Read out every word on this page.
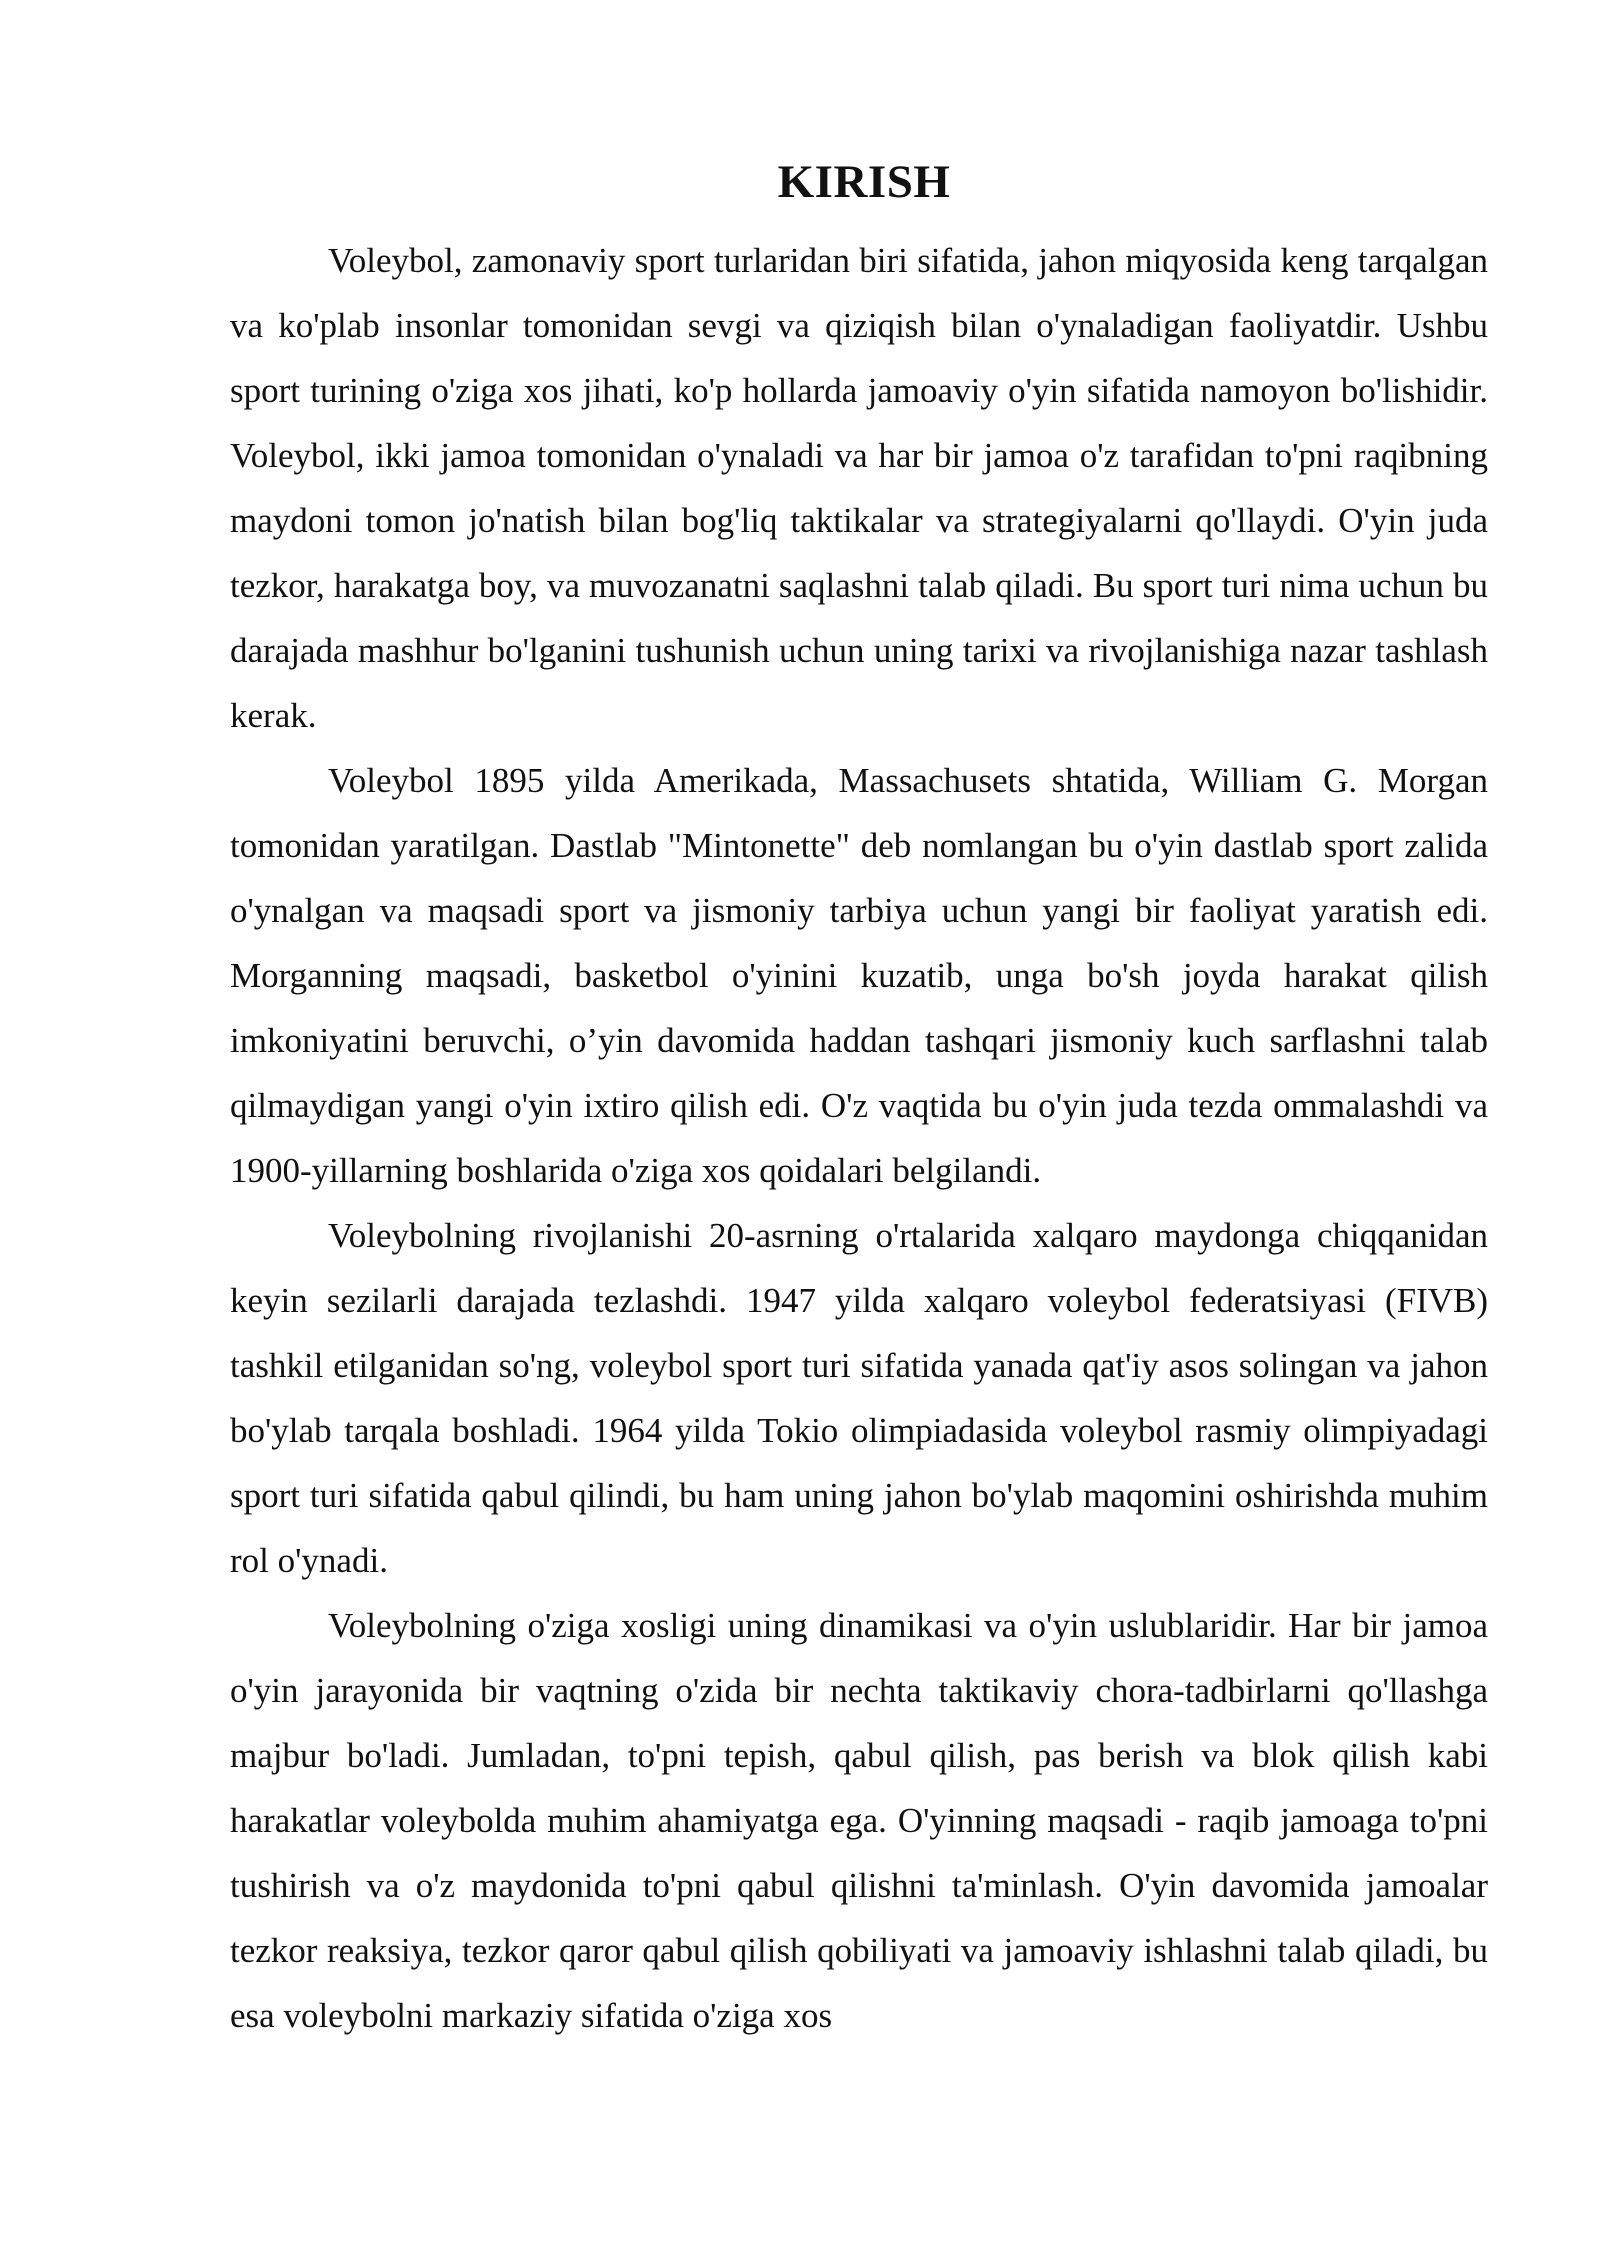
KIRISH

Voleybol, zamonaviy sport turlaridan biri sifatida, jahon miqyosida keng tarqalgan va ko'plab insonlar tomonidan sevgi va qiziqish bilan o'ynaladigan faoliyatdir. Ushbu sport turining o'ziga xos jihati, ko'p hollarda jamoaviy o'yin sifatida namoyon bo'lishidir. Voleybol, ikki jamoa tomonidan o'ynaladi va har bir jamoa o'z tarafidan to'pni raqibning maydoni tomon jo'natish bilan bog'liq taktikalar va strategiyalarni qo'llaydi. O'yin juda tezkor, harakatga boy, va muvozanatni saqlashni talab qiladi. Bu sport turi nima uchun bu darajada mashhur bo'lganini tushunish uchun uning tarixi va rivojlanishiga nazar tashlash kerak.

Voleybol 1895 yilda Amerikada, Massachusets shtatida, William G. Morgan tomonidan yaratilgan. Dastlab "Mintonette" deb nomlangan bu o'yin dastlab sport zalida o'ynalgan va maqsadi sport va jismoniy tarbiya uchun yangi bir faoliyat yaratish edi. Morganning maqsadi, basketbol o'yinini kuzatib, unga bo'sh joyda harakat qilish imkoniyatini beruvchi, o’yin davomida haddan tashqari jismoniy kuch sarflashni talab qilmaydigan yangi o'yin ixtiro qilish edi. O'z vaqtida bu o'yin juda tezda ommalashdi va 1900-yillarning boshlarida o'ziga xos qoidalari belgilandi.

Voleybolning rivojlanishi 20-asrning o'rtalarida xalqaro maydonga chiqqanidan keyin sezilarli darajada tezlashdi. 1947 yilda xalqaro voleybol federatsiyasi (FIVB) tashkil etilganidan so'ng, voleybol sport turi sifatida yanada qat'iy asos solingan va jahon bo'ylab tarqala boshladi. 1964 yilda Tokio olimpiadasida voleybol rasmiy olimpiyadagi sport turi sifatida qabul qilindi, bu ham uning jahon bo'ylab maqomini oshirishda muhim rol o'ynadi.

Voleybolning o'ziga xosligi uning dinamikasi va o'yin uslublaridir. Har bir jamoa o'yin jarayonida bir vaqtning o'zida bir nechta taktikaviy chora-tadbirlarni qo'llashga majbur bo'ladi. Jumladan, to'pni tepish, qabul qilish, pas berish va blok qilish kabi harakatlar voleybolda muhim ahamiyatga ega. O'yinning maqsadi - raqib jamoaga to'pni tushirish va o'z maydonida to'pni qabul qilishni ta'minlash. O'yin davomida jamoalar tezkor reaksiya, tezkor qaror qabul qilish qobiliyati va jamoaviy ishlashni talab qiladi, bu esa voleybolni markaziy sifatida o'ziga xos
